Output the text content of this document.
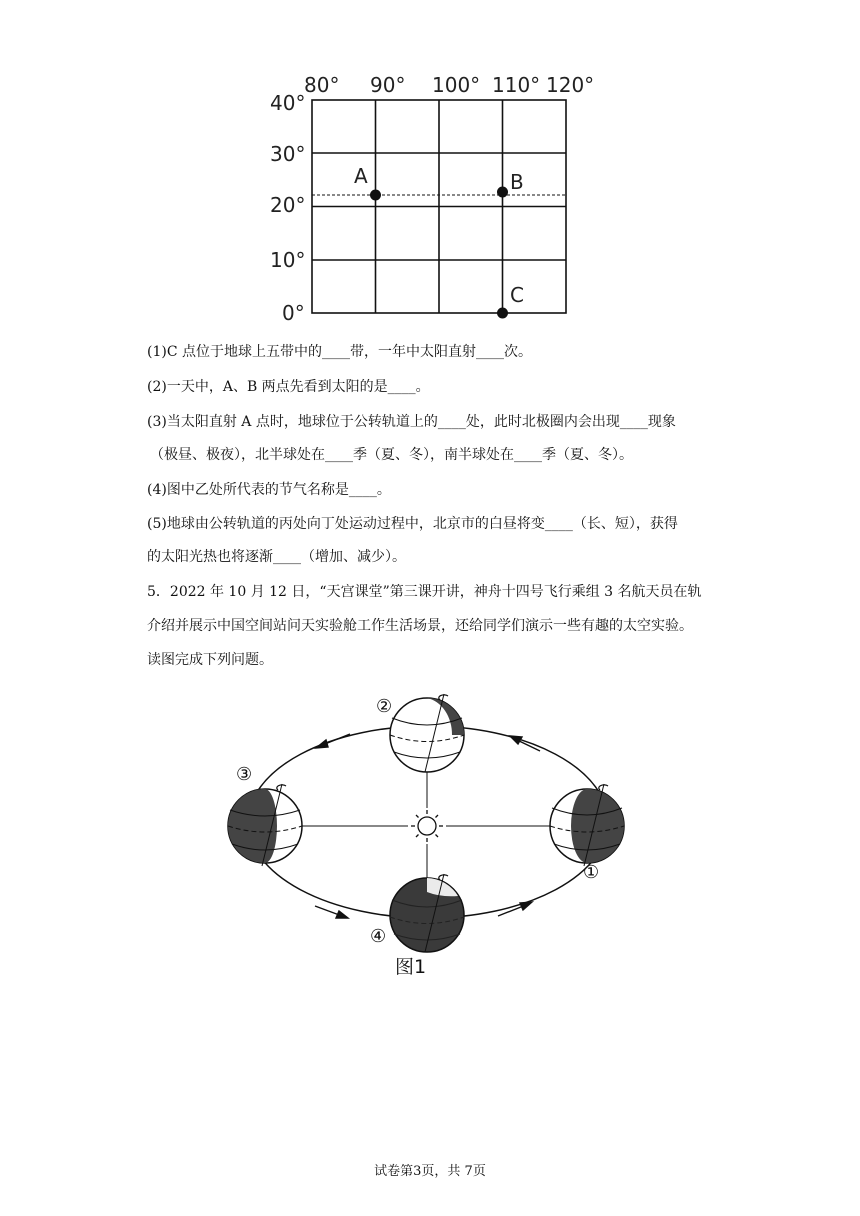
80° 90° 100° 110° 120°
40°
30°
20°
10°
0°
A	B
C
(1)C 点位于地球上五带中的____带，一年中太阳直射____次。
(2)一天中，A、B 两点先看到太阳的是____。
(3)当太阳直射 A 点时，地球位于公转轨道上的____处，此时北极圈内会出现____现象
（极昼、极夜），北半球处在____季（夏、冬），南半球处在____季（夏、冬）。
(4)图中乙处所代表的节气名称是____。
(5)地球由公转轨道的丙处向丁处运动过程中，北京市的白昼将变____（长、短），获得
的太阳光热也将逐渐____（增加、减少）。
5．2022 年 10 月 12 日，“天宫课堂”第三课开讲，神舟十四号飞行乘组 3 名航天员在轨
介绍并展示中国空间站问天实验舱工作生活场景，还给同学们演示一些有趣的太空实验。
读图完成下列问题。
①
②
③
④
图1
试卷第3页，共 7页
